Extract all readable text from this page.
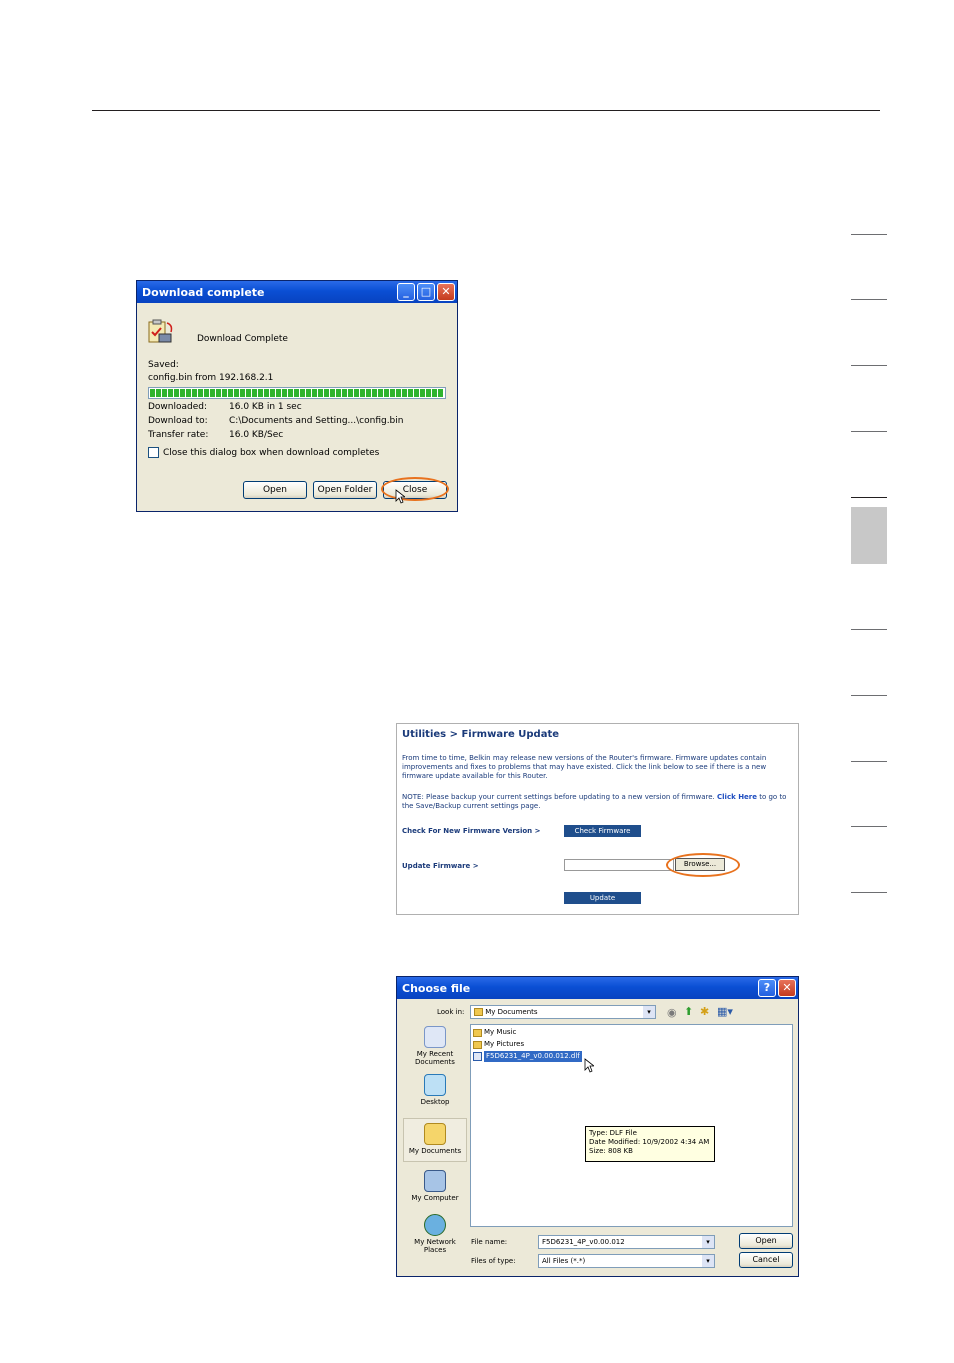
Download complete	_	□ ✕
Download Complete
Saved:
config.bin from 192.168.2.1
Downloaded: 16.0 KB in 1 sec
Download to: C:\Documents and Setting...\config.bin
Transfer rate: 16.0 KB/Sec
Close this dialog box when download completes
Open	Open Folder	Close
Utilities > Firmware Update
From time to time, Belkin may release new versions of the Router's firmware. Firmware updates contain improvements and fixes to problems that may have existed. Click the link below to see if there is a new firmware update available for this Router.
NOTE: Please backup your current settings before updating to a new version of firmware. Click Here to go to the Save/Backup current settings page.
Check For New Firmware Version >	Check Firmware
Update Firmware >	Browse...
Update
Choose file	?	✕
Look in:	My Documents	▾	◉ ⬆ ✱ ▦▾
My Recent Documents
Desktop
My Documents
My Computer
My Network Places
My Music
My Pictures
F5D6231_4P_v0.00.012.dlf
Type: DLF File
Date Modified: 10/9/2002 4:34 AM
Size: 808 KB
File name:	F5D6231_4P_v0.00.012	▾
Files of type:	All Files (*.*)	▾
Open
Cancel
